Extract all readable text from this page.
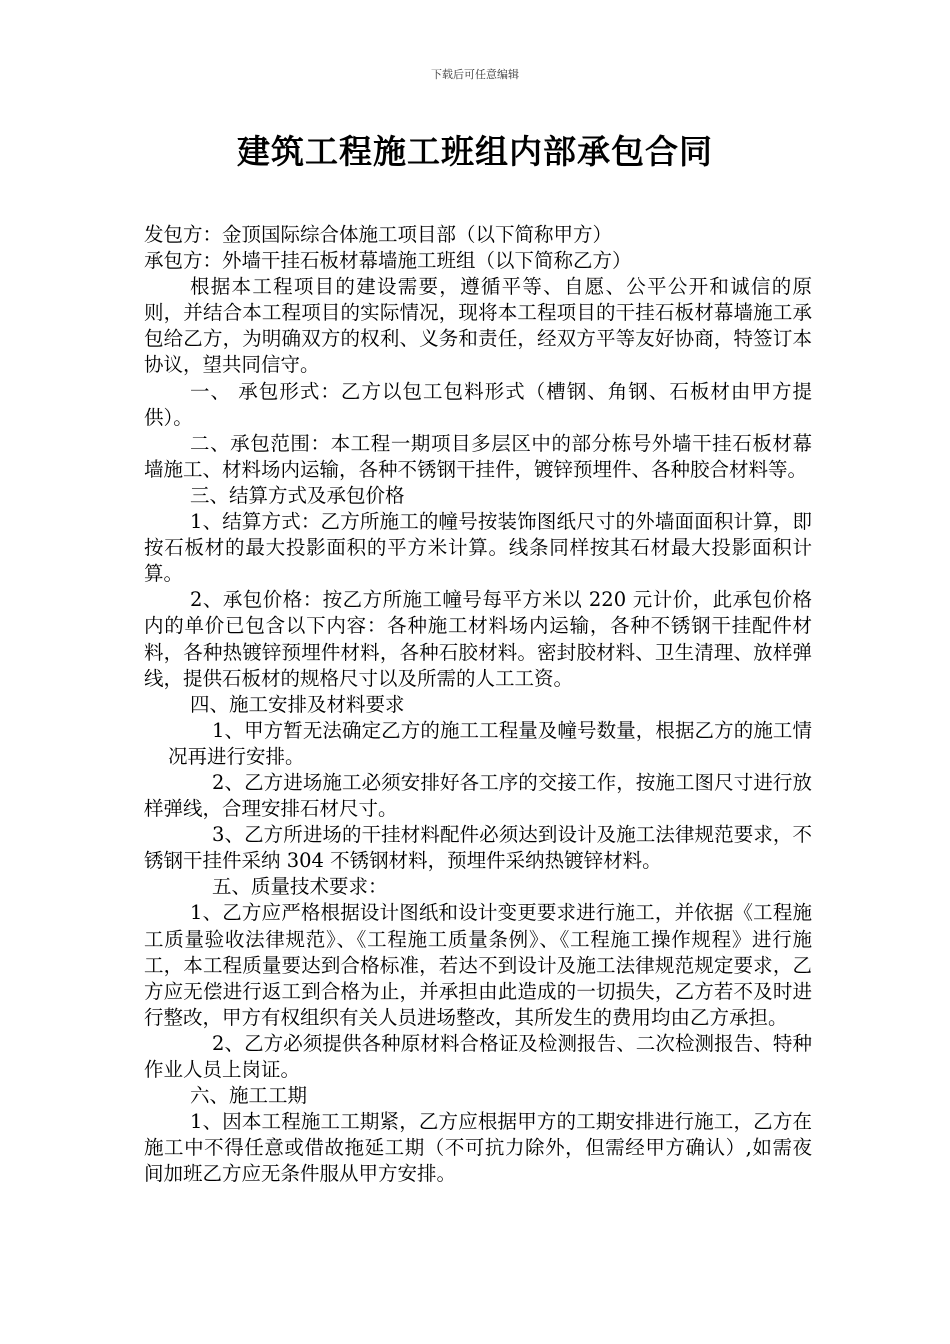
下载后可任意编辑
建筑工程施工班组内部承包合同

发包方：金顶国际综合体施工项目部（以下简称甲方）

承包方：外墙干挂石板材幕墙施工班组（以下简称乙方）

根据本工程项目的建设需要，遵循平等、自愿、公平公开和诚信的原则，并结合本工程项目的实际情况，现将本工程项目的干挂石板材幕墙施工承包给乙方，为明确双方的权利、义务和责任，经双方平等友好协商，特签订本协议，望共同信守。

一、 承包形式：乙方以包工包料形式（槽钢、角钢、石板材由甲方提供）。

二、承包范围：本工程一期项目多层区中的部分栋号外墙干挂石板材幕墙施工、材料场内运输，各种不锈钢干挂件，镀锌预埋件、各种胶合材料等。

三、结算方式及承包价格

1、结算方式：乙方所施工的幢号按装饰图纸尺寸的外墙面面积计算，即按石板材的最大投影面积的平方米计算。线条同样按其石材最大投影面积计算。

2、承包价格：按乙方所施工幢号每平方米以 220 元计价，此承包价格内的单价已包含以下内容：各种施工材料场内运输，各种不锈钢干挂配件材料，各种热镀锌预埋件材料，各种石胶材料。密封胶材料、卫生清理、放样弹线，提供石板材的规格尺寸以及所需的人工工资。

四、施工安排及材料要求

1、甲方暂无法确定乙方的施工工程量及幢号数量，根据乙方的施工情况再进行安排。

2、乙方进场施工必须安排好各工序的交接工作，按施工图尺寸进行放样弹线，合理安排石材尺寸。

3、乙方所进场的干挂材料配件必须达到设计及施工法律规范要求，不锈钢干挂件采纳 304 不锈钢材料，预埋件采纳热镀锌材料。

五、质量技术要求：

1、乙方应严格根据设计图纸和设计变更要求进行施工，并依据《工程施工质量验收法律规范》、《工程施工质量条例》、《工程施工操作规程》进行施工，本工程质量要达到合格标准，若达不到设计及施工法律规范规定要求，乙方应无偿进行返工到合格为止，并承担由此造成的一切损失，乙方若不及时进行整改，甲方有权组织有关人员进场整改，其所发生的费用均由乙方承担。

2、乙方必须提供各种原材料合格证及检测报告、二次检测报告、特种作业人员上岗证。

六、施工工期

1、因本工程施工工期紧，乙方应根据甲方的工期安排进行施工，乙方在施工中不得任意或借故拖延工期（不可抗力除外，但需经甲方确认）,如需夜间加班乙方应无条件服从甲方安排。
